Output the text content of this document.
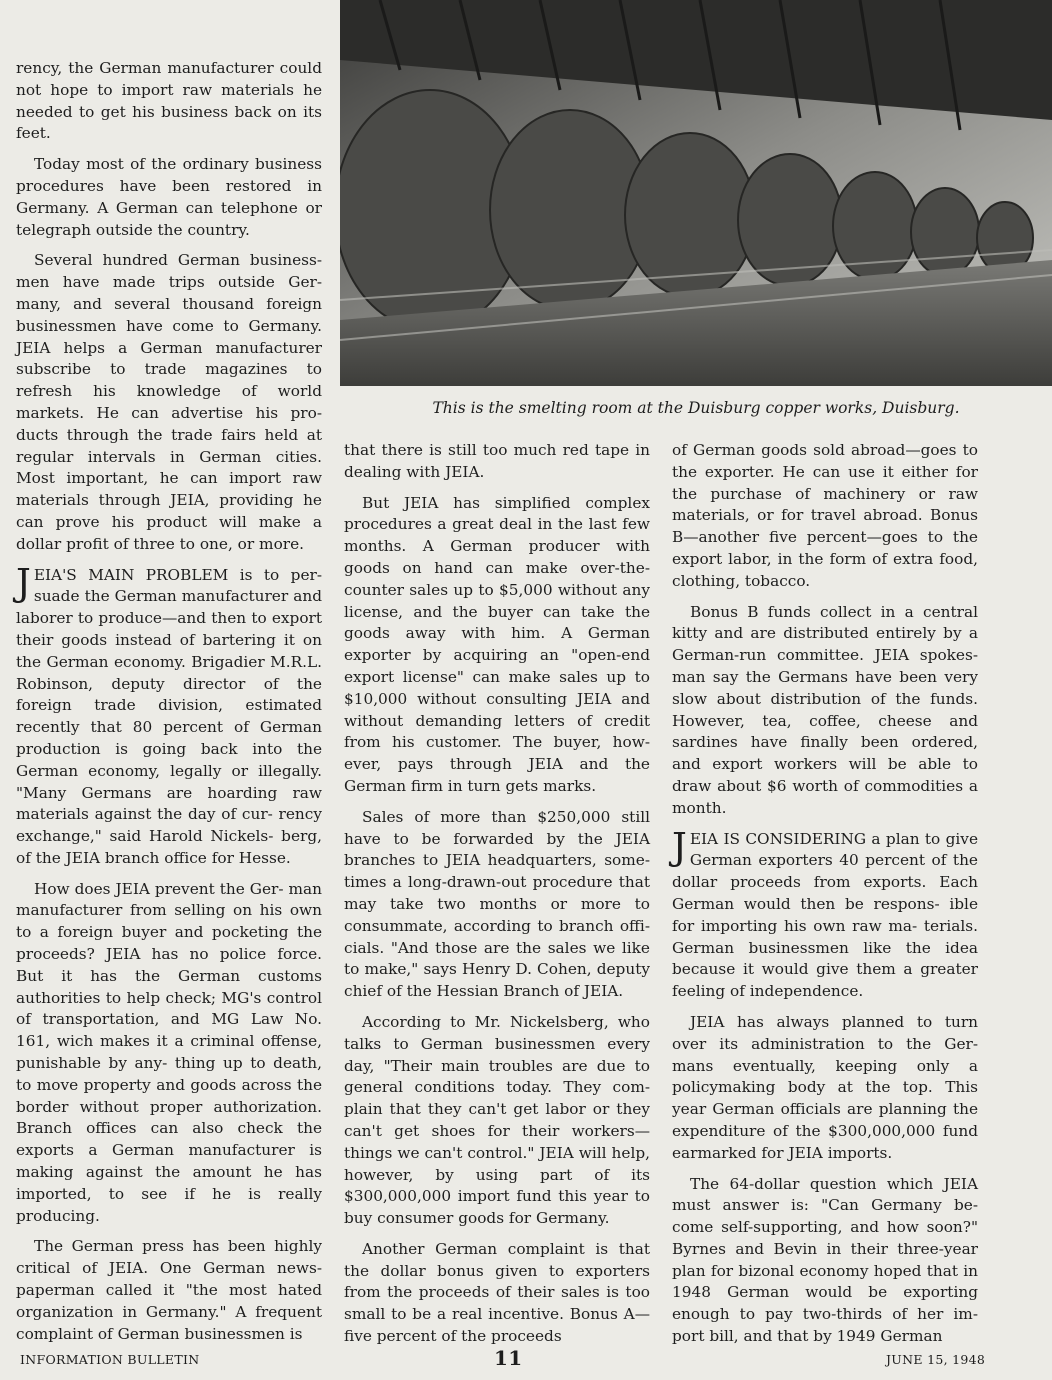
This is the smelting room at the Duisburg copper works, Duisburg.

rency, the German manufacturer could not hope to import raw materials he needed to get his business back on its feet.

Today most of the ordinary business procedures have been restored in Germany. A German can telephone or telegraph outside the country.

Several hundred German business- men have made trips outside Ger- many, and several thousand foreign businessmen have come to Germany. JEIA helps a German manufacturer subscribe to trade magazines to refresh his knowledge of world markets. He can advertise his pro- ducts through the trade fairs held at regular intervals in German cities. Most important, he can import raw materials through JEIA, providing he can prove his product will make a dollar profit of three to one, or more.

JEIA'S MAIN PROBLEM is to per- suade the German manufacturer and laborer to produce—and then to export their goods instead of bartering it on the German economy. Brigadier M.R.L. Robinson, deputy director of the foreign trade division, estimated recently that 80 percent of German production is going back into the German economy, legally or illegally. "Many Germans are hoarding raw materials against the day of cur- rency exchange," said Harold Nickels- berg, of the JEIA branch office for Hesse.

How does JEIA prevent the Ger- man manufacturer from selling on his own to a foreign buyer and pocketing the proceeds? JEIA has no police force. But it has the German customs authorities to help check; MG's control of transportation, and MG Law No. 161, wich makes it a criminal offense, punishable by any- thing up to death, to move property and goods across the border without proper authorization. Branch offices can also check the exports a German manufacturer is making against the amount he has imported, to see if he is really producing.

The German press has been highly critical of JEIA. One German news- paperman called it "the most hated organization in Germany." A frequent complaint of German businessmen is

that there is still too much red tape in dealing with JEIA.

But JEIA has simplified complex procedures a great deal in the last few months. A German producer with goods on hand can make over-the- counter sales up to $5,000 without any license, and the buyer can take the goods away with him. A German exporter by acquiring an "open-end export license" can make sales up to $10,000 without consulting JEIA and without demanding letters of credit from his customer. The buyer, how- ever, pays through JEIA and the German firm in turn gets marks.

Sales of more than $250,000 still have to be forwarded by the JEIA branches to JEIA headquarters, some- times a long-drawn-out procedure that may take two months or more to consummate, according to branch offi- cials. "And those are the sales we like to make," says Henry D. Cohen, deputy chief of the Hessian Branch of JEIA.

According to Mr. Nickelsberg, who talks to German businessmen every day, "Their main troubles are due to general conditions today. They com- plain that they can't get labor or they can't get shoes for their workers— things we can't control." JEIA will help, however, by using part of its $300,000,000 import fund this year to buy consumer goods for Germany.

Another German complaint is that the dollar bonus given to exporters from the proceeds of their sales is too small to be a real incentive. Bonus A—five percent of the proceeds

of German goods sold abroad—goes to the exporter. He can use it either for the purchase of machinery or raw materials, or for travel abroad. Bonus B—another five percent—goes to the export labor, in the form of extra food, clothing, tobacco.

Bonus B funds collect in a central kitty and are distributed entirely by a German-run committee. JEIA spokes- man say the Germans have been very slow about distribution of the funds. However, tea, coffee, cheese and sardines have finally been ordered, and export workers will be able to draw about $6 worth of commodities a month.

JEIA IS CONSIDERING a plan to give German exporters 40 percent of the dollar proceeds from exports. Each German would then be respons- ible for importing his own raw ma- terials. German businessmen like the idea because it would give them a greater feeling of independence.

JEIA has always planned to turn over its administration to the Ger- mans eventually, keeping only a policymaking body at the top. This year German officials are planning the expenditure of the $300,000,000 fund earmarked for JEIA imports.

The 64-dollar question which JEIA must answer is: "Can Germany be- come self-supporting, and how soon?" Byrnes and Bevin in their three-year plan for bizonal economy hoped that in 1948 German would be exporting enough to pay two-thirds of her im- port bill, and that by 1949 German

INFORMATION BULLETIN	11	JUNE 15, 1948
